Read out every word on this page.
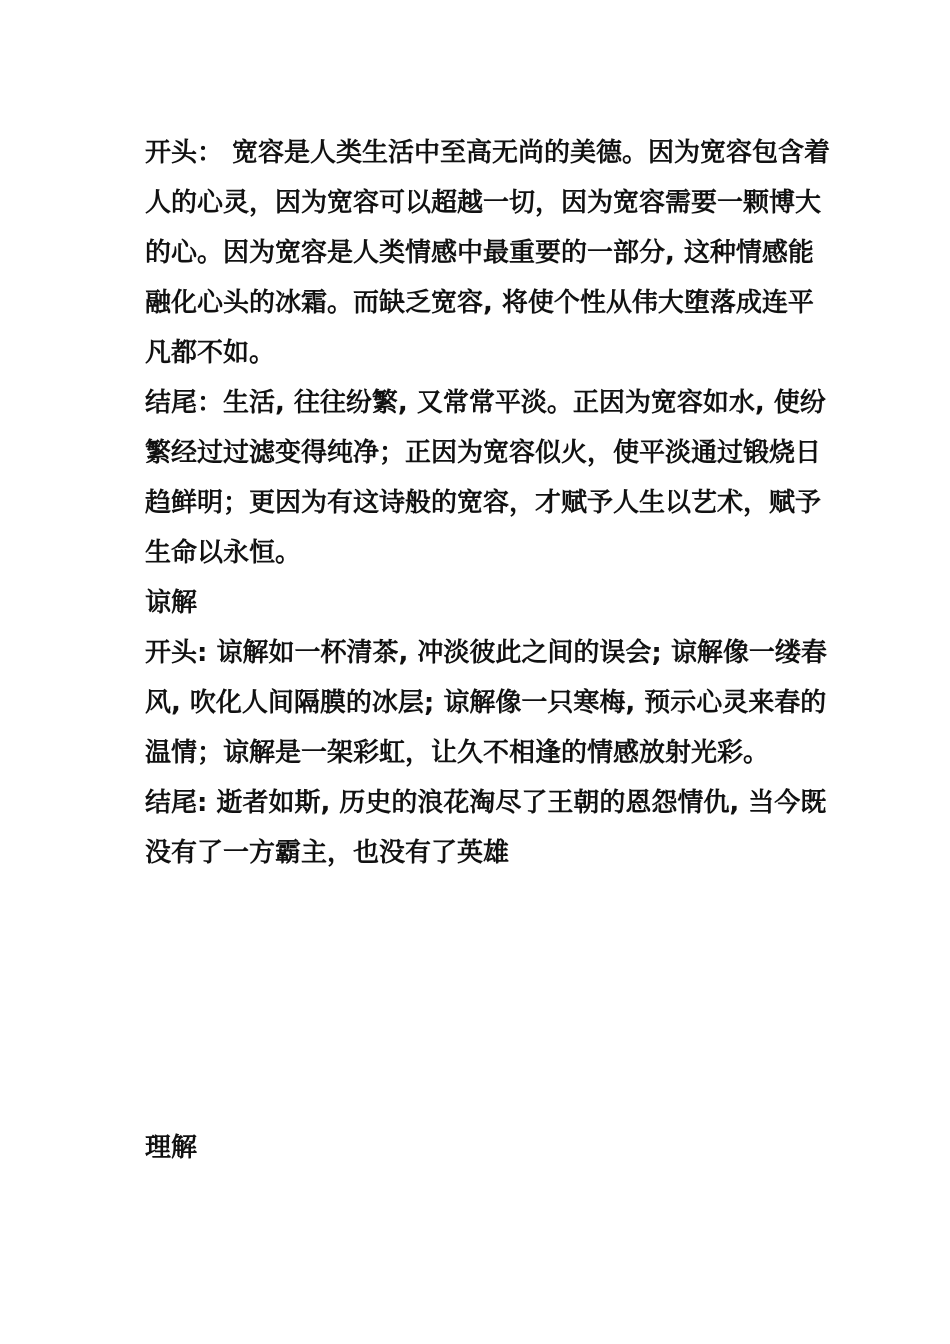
开头： 宽容是人类生活中至高无尚的美德。因为宽容包含着人的心灵，因为宽容可以超越一切，因为宽容需要一颗博大的心。因为宽容是人类情感中最重要的一部分, 这种情感能融化心头的冰霜。而缺乏宽容, 将使个性从伟大堕落成连平凡都不如。

结尾：生活, 往往纷繁, 又常常平淡。正因为宽容如水, 使纷繁经过过滤变得纯净；正因为宽容似火，使平淡通过锻烧日趋鲜明；更因为有这诗般的宽容，才赋予人生以艺术，赋予生命以永恒。

谅解

开头: 谅解如一杯清茶, 冲淡彼此之间的误会; 谅解像一缕春风, 吹化人间隔膜的冰层; 谅解像一只寒梅, 预示心灵来春的温情；谅解是一架彩虹，让久不相逢的情感放射光彩。

结尾: 逝者如斯, 历史的浪花淘尽了王朝的恩怨情仇, 当今既没有了一方霸主，也没有了英雄

理解
